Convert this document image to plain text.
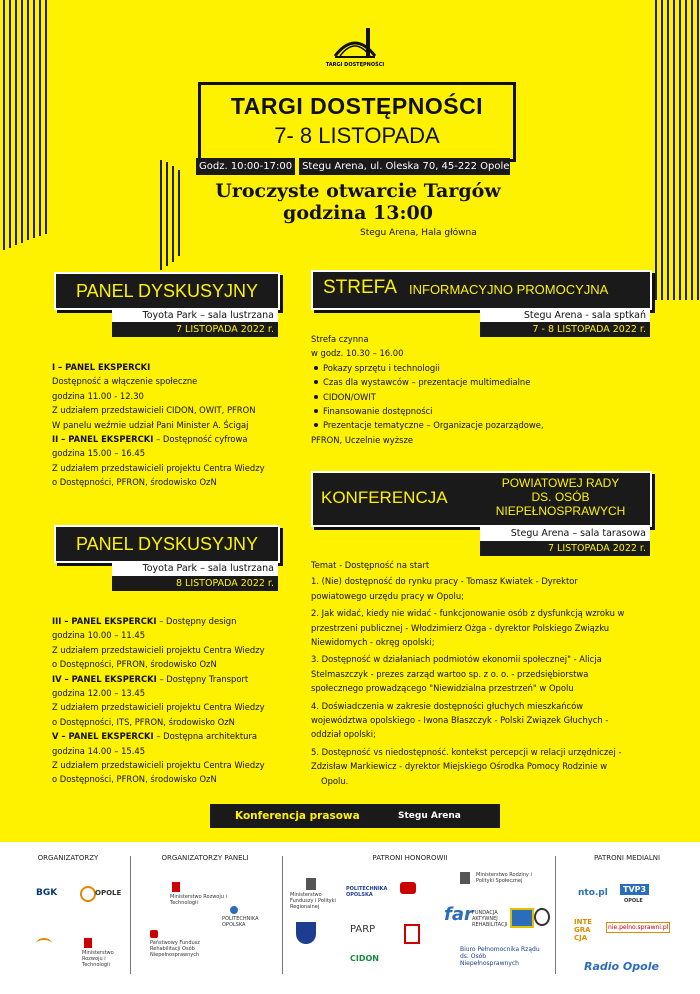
TARGI DOSTĘPNOŚCI
TARGI DOSTĘPNOŚCI
7- 8 LISTOPADA
Godz. 10:00-17:00 Stegu Arena, ul. Oleska 70, 45-222 Opole
Uroczyste otwarcie Targów
godzina 13:00
Stegu Arena, Hala główna
PANEL DYSKUSYJNY
Toyota Park – sala lustrzana
7 LISTOPADA 2022 r.
I – PANEL EKSPERCKI
Dostępność a włączenie społeczne
godzina 11.00 - 12.30
Z udziałem przedstawicieli CIDON, OWIT, PFRON
W panelu weźmie udział Pani Minister A. Ścigaj
II – PANEL EKSPERCKI – Dostępność cyfrowa
godzina 15.00 – 16.45
Z udziałem przedstawicieli projektu Centra Wiedzy
o Dostępności, PFRON, środowisko OzN
PANEL DYSKUSYJNY
Toyota Park – sala lustrzana
8 LISTOPADA 2022 r.
III – PANEL EKSPERCKI – Dostępny design
godzina 10.00 – 11.45
Z udziałem przedstawicieli projektu Centra Wiedzy
o Dostępności, PFRON, środowisko OzN
IV – PANEL EKSPERCKI – Dostępny Transport
godzina 12.00 – 13.45
Z udziałem przedstawicieli projektu Centra Wiedzy
o Dostępności, ITS, PFRON, środowisko OzN
V – PANEL EKSPERCKI – Dostępna architektura
godzina 14.00 – 15.45
Z udziałem przedstawicieli projektu Centra Wiedzy
o Dostępności, PFRON, środowisko OzN
STREFA INFORMACYJNO PROMOCYJNA
Stegu Arena - sala sptkań
7 - 8 LISTOPADA 2022 r.
Strefa czynna
w godz. 10.30 – 16.00
Pokazy sprzętu i technologii
Czas dla wystawców – prezentacje multimedialne
CIDON/OWIT
Finansowanie dostępności
Prezentacje tematyczne – Organizacje pozarządowe,
PFRON, Uczelnie wyższe
KONFERENCJA
POWIATOWEJ RADY
DS. OSÓB
NIEPEŁNOSPRAWYCH
Stegu Arena – sala tarasowa
7 LISTOPADA 2022 r.
Temat - Dostępność na start
1. (Nie) dostępność do rynku pracy - Tomasz Kwiatek - Dyrektor
powiatowego urzędu pracy w Opolu;
2. Jak widać, kiedy nie widać - funkcjonowanie osób z dysfunkcją wzroku w
przestrzeni publicznej - Włodzimierz Ożga - dyrektor Polskiego Związku
Niewidomych - okręg opolski;
3. Dostępność w działaniach podmiotów ekonomii społecznej" - Alicja
Stelmaszczyk - prezes zarząd wartoo sp. z o. o. - przedsiębiorstwa
społecznego prowadzącego "Niewidzialna przestrzeń" w Opolu
4. Doświadczenia w zakresie dostępności głuchych mieszkańców
województwa opolskiego - Iwona Błaszczyk - Polski Związek Głuchych -
oddział opolski;
5. Dostępność vs niedostępność. kontekst percepcji w relacji urzędniczej -
Zdzisław Markiewicz - dyrektor Miejskiego Ośrodka Pomocy Rodzinie w
Opolu.
Konferencja prasowa	Stegu Arena
ORGANIZATORZY	ORGANIZATORZY PANELI	PATRONI HONOROWII	PATRONI MEDIALNI
BGK	OPOLE
Ministerstwo Rozwoju i Technologii
Ministerstwo Rozwoju i Technologii
Państwowy Fundusz Rehabilitacji Osób Niepełnosprawnych
POLITECHNIKA OPOLSKA
Ministerstwo Funduszy i Polityki Regionalnej
POLITECHNIKA OPOLSKA
PARP
CIDON
Ministerstwo Rodziny i Polityki Społecznej
far FUNDACJA AKTYWNEJ REHABILITACJI
Biuro Pełnomocnika Rządu ds. Osób Niepełnosprawnych
nto.pl	TVP3
OPOLE
INTE GRA CJA
nie.pelno.sprawni.pl
Radio Opole
